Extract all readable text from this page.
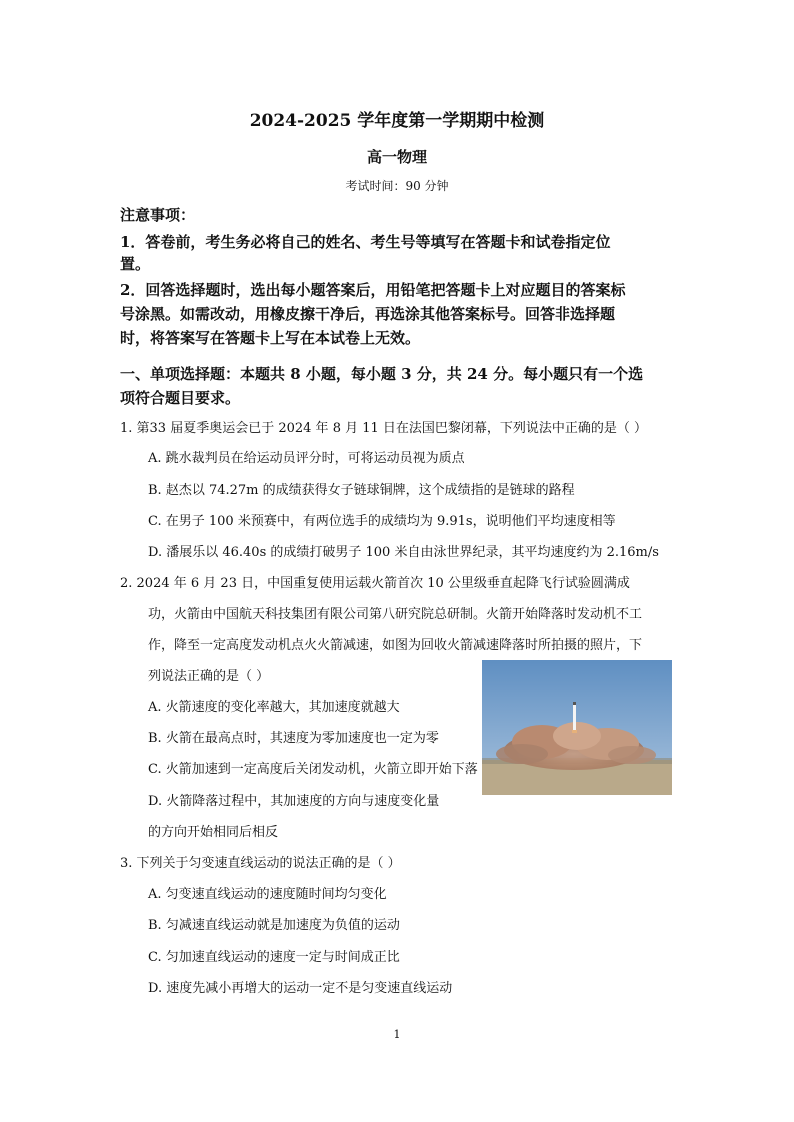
2024-2025 学年度第一学期期中检测
高一物理
考试时间：90 分钟
注意事项：
1．答卷前，考生务必将自己的姓名、考生号等填写在答题卡和试卷指定位
置。
2．回答选择题时，选出每小题答案后，用铅笔把答题卡上对应题目的答案标
号涂黑。如需改动，用橡皮擦干净后，再选涂其他答案标号。回答非选择题
时，将答案写在答题卡上写在本试卷上无效。
一、单项选择题：本题共 8 小题，每小题 3 分，共 24 分。每小题只有一个选
项符合题目要求。
1. 第33 届夏季奥运会已于 2024 年 8 月 11 日在法国巴黎闭幕，下列说法中正确的是（ ）
A. 跳水裁判员在给运动员评分时，可将运动员视为质点
B. 赵杰以 74.27m 的成绩获得女子链球铜牌，这个成绩指的是链球的路程
C. 在男子 100 米预赛中，有两位选手的成绩均为 9.91s，说明他们平均速度相等
D. 潘展乐以 46.40s 的成绩打破男子 100 米自由泳世界纪录，其平均速度约为 2.16m/s
2. 2024 年 6 月 23 日，中国重复使用运载火箭首次 10 公里级垂直起降飞行试验圆满成
功，火箭由中国航天科技集团有限公司第八研究院总研制。火箭开始降落时发动机不工
作，降至一定高度发动机点火火箭减速，如图为回收火箭减速降落时所拍摄的照片，下
列说法正确的是（ ）
A. 火箭速度的变化率越大，其加速度就越大
B. 火箭在最高点时，其速度为零加速度也一定为零
C. 火箭加速到一定高度后关闭发动机，火箭立即开始下落
D. 火箭降落过程中，其加速度的方向与速度变化量
的方向开始相同后相反
3. 下列关于匀变速直线运动的说法正确的是（ ）
A. 匀变速直线运动的速度随时间均匀变化
B. 匀减速直线运动就是加速度为负值的运动
C. 匀加速直线运动的速度一定与时间成正比
D. 速度先减小再增大的运动一定不是匀变速直线运动
1
